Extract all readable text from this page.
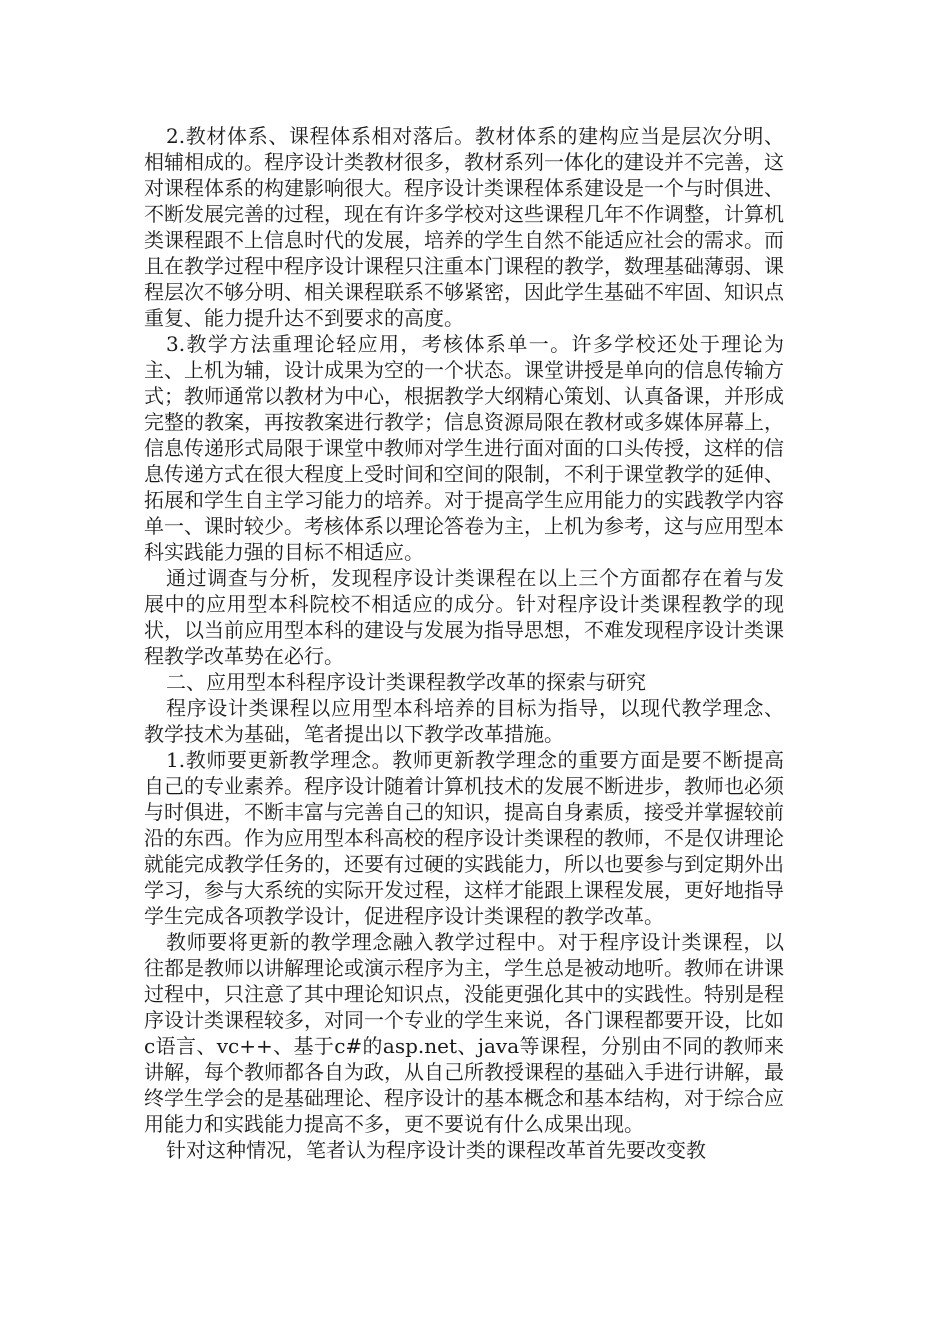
2.教材体系、课程体系相对落后。教材体系的建构应当是层次分明、相辅相成的。程序设计类教材很多，教材系列一体化的建设并不完善，这对课程体系的构建影响很大。程序设计类课程体系建设是一个与时俱进、不断发展完善的过程，现在有许多学校对这些课程几年不作调整，计算机类课程跟不上信息时代的发展，培养的学生自然不能适应社会的需求。而且在教学过程中程序设计课程只注重本门课程的教学，数理基础薄弱、课程层次不够分明、相关课程联系不够紧密，因此学生基础不牢固、知识点重复、能力提升达不到要求的高度。

3.教学方法重理论轻应用，考核体系单一。许多学校还处于理论为主、上机为辅，设计成果为空的一个状态。课堂讲授是单向的信息传输方式；教师通常以教材为中心，根据教学大纲精心策划、认真备课，并形成完整的教案，再按教案进行教学；信息资源局限在教材或多媒体屏幕上，信息传递形式局限于课堂中教师对学生进行面对面的口头传授，这样的信息传递方式在很大程度上受时间和空间的限制，不利于课堂教学的延伸、拓展和学生自主学习能力的培养。对于提高学生应用能力的实践教学内容单一、课时较少。考核体系以理论答卷为主，上机为参考，这与应用型本科实践能力强的目标不相适应。

通过调查与分析，发现程序设计类课程在以上三个方面都存在着与发展中的应用型本科院校不相适应的成分。针对程序设计类课程教学的现状，以当前应用型本科的建设与发展为指导思想，不难发现程序设计类课程教学改革势在必行。

二、应用型本科程序设计类课程教学改革的探索与研究

程序设计类课程以应用型本科培养的目标为指导，以现代教学理念、教学技术为基础，笔者提出以下教学改革措施。

1.教师要更新教学理念。教师更新教学理念的重要方面是要不断提高自己的专业素养。程序设计随着计算机技术的发展不断进步，教师也必须与时俱进，不断丰富与完善自己的知识，提高自身素质，接受并掌握较前沿的东西。作为应用型本科高校的程序设计类课程的教师，不是仅讲理论就能完成教学任务的，还要有过硬的实践能力，所以也要参与到定期外出学习，参与大系统的实际开发过程，这样才能跟上课程发展，更好地指导学生完成各项教学设计，促进程序设计类课程的教学改革。

教师要将更新的教学理念融入教学过程中。对于程序设计类课程，以往都是教师以讲解理论或演示程序为主，学生总是被动地听。教师在讲课过程中，只注意了其中理论知识点，没能更强化其中的实践性。特别是程序设计类课程较多，对同一个专业的学生来说，各门课程都要开设，比如c语言、vc++、基于c#的asp.net、java等课程，分别由不同的教师来讲解，每个教师都各自为政，从自己所教授课程的基础入手进行讲解，最终学生学会的是基础理论、程序设计的基本概念和基本结构，对于综合应用能力和实践能力提高不多，更不要说有什么成果出现。

针对这种情况，笔者认为程序设计类的课程改革首先要改变教
